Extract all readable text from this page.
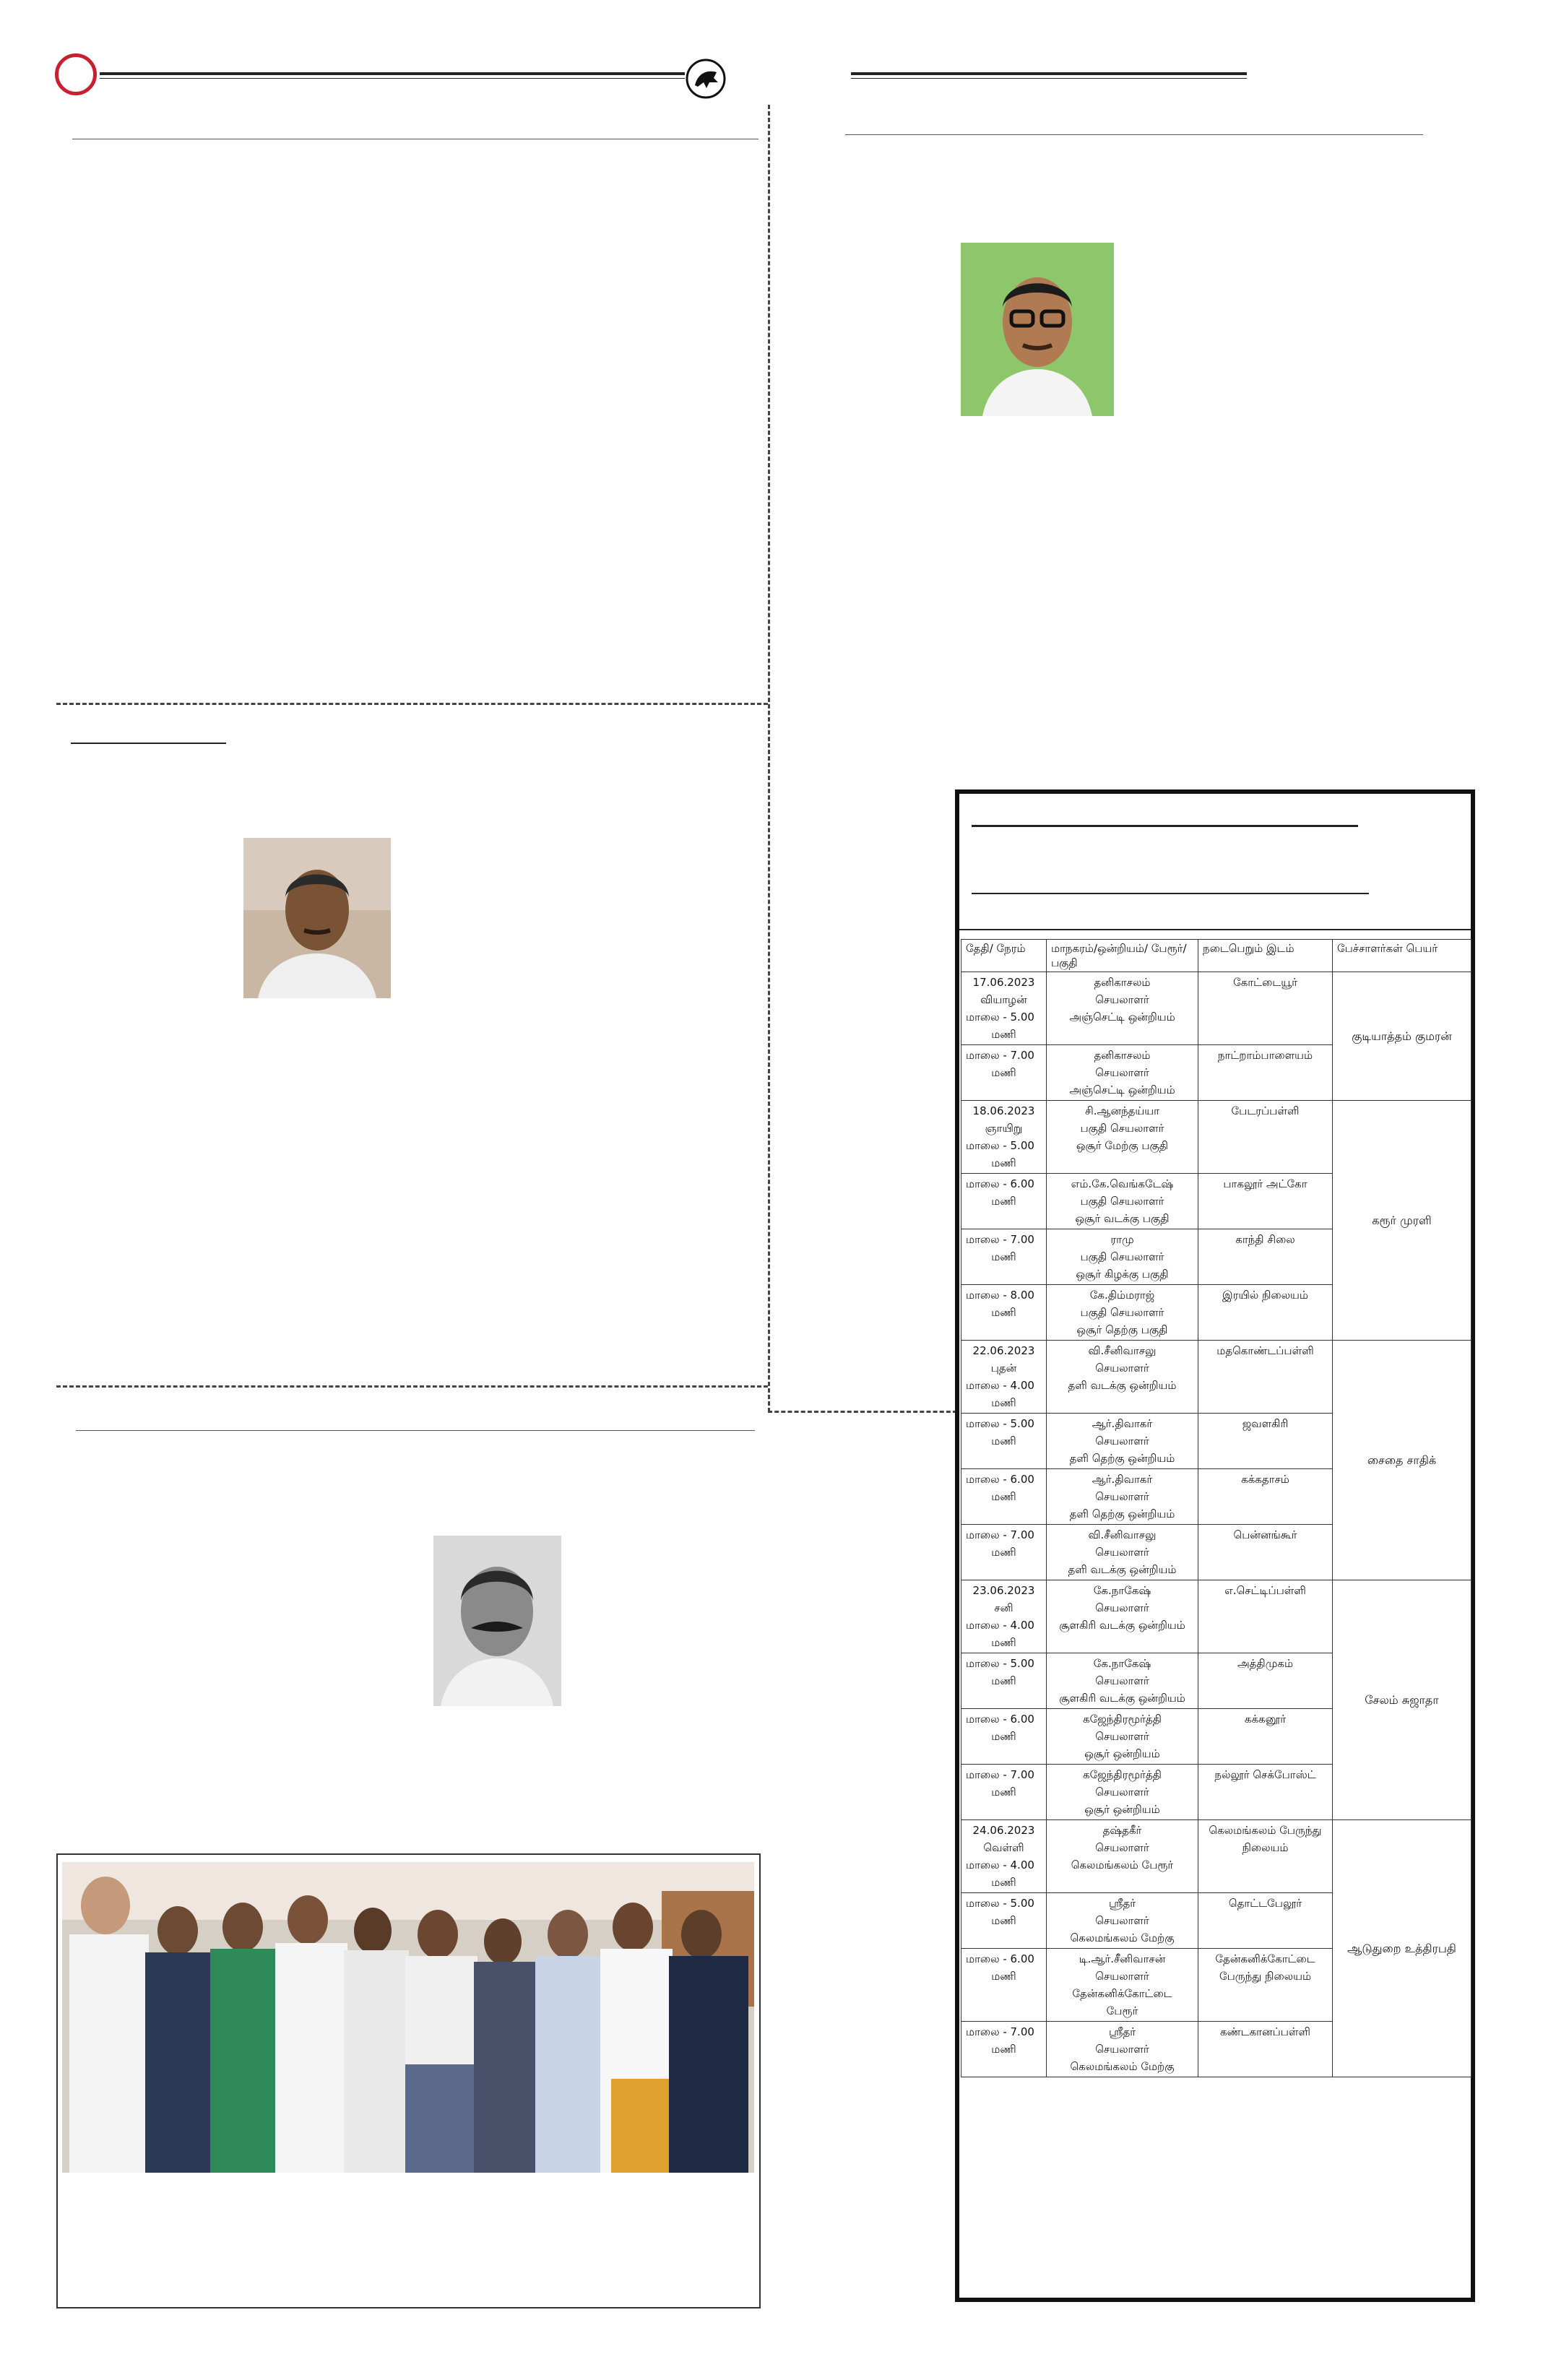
தேதி/ நேரம்	மாநகரம்/ஒன்றியம்/ பேரூர்/பகுதி	நடைபெறும் இடம்	பேச்சாளர்கள் பெயர்

17.06.2023
வியாழன்
மாலை - 5.00
மணி	தனிகாசலம்
செயலாளர்
அஞ்செட்டி ஒன்றியம்	கோட்டையூர்	குடியாத்தம் குமரன்

மாலை - 7.00
மணி	தனிகாசலம்
செயலாளர்
அஞ்செட்டி ஒன்றியம்	நாட்றாம்பாளையம்	

18.06.2023
ஞாயிறு
மாலை - 5.00
மணி	சி.ஆனந்தய்யா
பகுதி செயலாளர்
ஒசூர் மேற்கு பகுதி	பேடரப்பள்ளி	கரூர் முரளி

மாலை - 6.00
மணி	எம்.கே.வெங்கடேஷ்
பகுதி செயலாளர்
ஒசூர் வடக்கு பகுதி	பாகலூர் அட்கோ	

மாலை - 7.00
மணி	ராமு
பகுதி செயலாளர்
ஒசூர் கிழக்கு பகுதி	காந்தி சிலை	

மாலை - 8.00
மணி	கே.திம்மராஜ்
பகுதி செயலாளர்
ஒசூர் தெற்கு பகுதி	இரயில் நிலையம்	

22.06.2023
புதன்
மாலை - 4.00
மணி	வி.சீனிவாசலு
செயலாளர்
தளி வடக்கு ஒன்றியம்	மதகொண்டப்பள்ளி	சைதை சாதிக்

மாலை - 5.00
மணி	ஆர்.திவாகர்
செயலாளர்
தளி தெற்கு ஒன்றியம்	ஜவளகிரி	

மாலை - 6.00
மணி	ஆர்.திவாகர்
செயலாளர்
தளி தெற்கு ஒன்றியம்	கக்கதாசம்	

மாலை - 7.00
மணி	வி.சீனிவாசலு
செயலாளர்
தளி வடக்கு ஒன்றியம்	பென்னங்கூர்	

23.06.2023
சனி
மாலை - 4.00
மணி	கே.நாகேஷ்
செயலாளர்
சூளகிரி வடக்கு ஒன்றியம்	எ.செட்டிப்பள்ளி	சேலம் சுஜாதா

மாலை - 5.00
மணி	கே.நாகேஷ்
செயலாளர்
சூளகிரி வடக்கு ஒன்றியம்	அத்திமுகம்	

மாலை - 6.00
மணி	கஜேந்திரமூர்த்தி
செயலாளர்
ஒசூர் ஒன்றியம்	கக்கனூர்	

மாலை - 7.00
மணி	கஜேந்திரமூர்த்தி
செயலாளர்
ஒசூர் ஒன்றியம்	நல்லூர் செக்போஸ்ட்	

24.06.2023
வெள்ளி
மாலை - 4.00
மணி	தஷ்தகீர்
செயலாளர்
கெலமங்கலம் பேரூர்	கெலமங்கலம் பேருந்து நிலையம்	ஆடுதுறை உத்திரபதி

மாலை - 5.00
மணி	ஸ்ரீதர்
செயலாளர்
கெலமங்கலம் மேற்கு	தொட்டபேலூர்	

மாலை - 6.00
மணி	டி.ஆர்.சீனிவாசன்
செயலாளர்
தேன்கனிக்கோட்டை
பேரூர்	தேன்கனிக்கோட்டை பேருந்து நிலையம்	

மாலை - 7.00
மணி	ஸ்ரீதர்
செயலாளர்
கெலமங்கலம் மேற்கு	கண்டகானப்பள்ளி	
